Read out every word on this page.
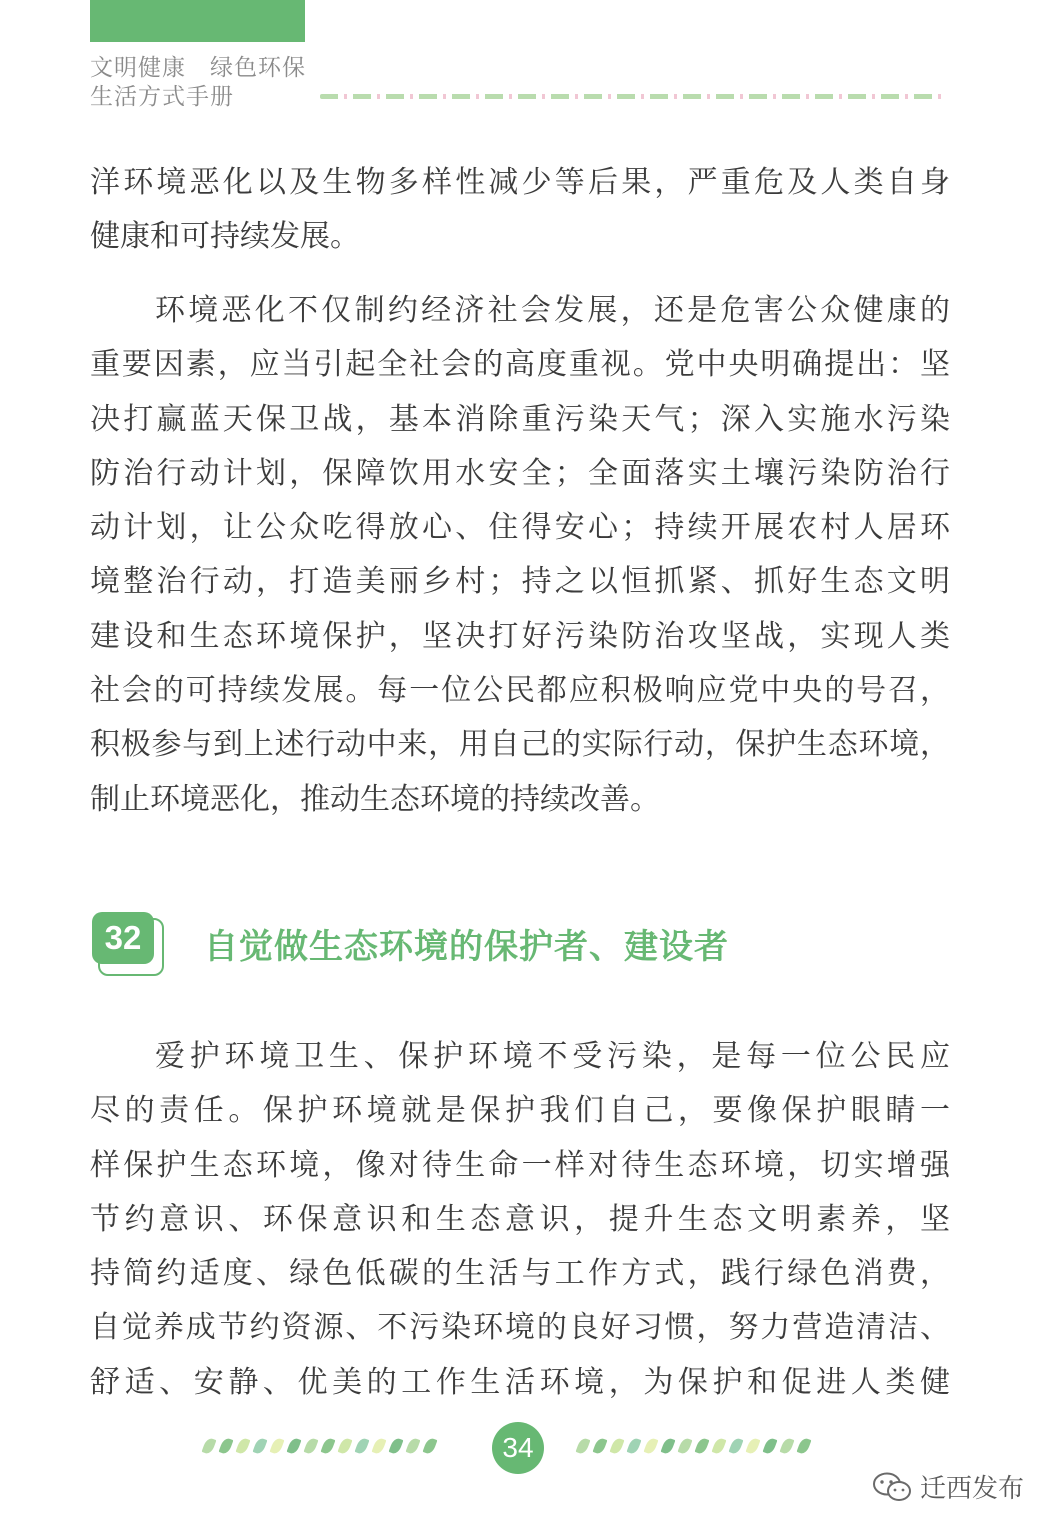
文明健康　绿色环保
生活方式手册
洋环境恶化以及生物多样性减少等后果，严重危及人类自身
健康和可持续发展。
环境恶化不仅制约经济社会发展，还是危害公众健康的
重要因素，应当引起全社会的高度重视。党中央明确提出：坚
决打赢蓝天保卫战，基本消除重污染天气；深入实施水污染
防治行动计划，保障饮用水安全；全面落实土壤污染防治行
动计划，让公众吃得放心、住得安心；持续开展农村人居环
境整治行动，打造美丽乡村；持之以恒抓紧、抓好生态文明
建设和生态环境保护，坚决打好污染防治攻坚战，实现人类
社会的可持续发展。每一位公民都应积极响应党中央的号召，
积极参与到上述行动中来，用自己的实际行动，保护生态环境，
制止环境恶化，推动生态环境的持续改善。
32	自觉做生态环境的保护者、建设者
爱护环境卫生、保护环境不受污染，是每一位公民应
尽的责任。保护环境就是保护我们自己，要像保护眼睛一
样保护生态环境，像对待生命一样对待生态环境，切实增强
节约意识、环保意识和生态意识，提升生态文明素养，坚
持简约适度、绿色低碳的生活与工作方式，践行绿色消费，
自觉养成节约资源、不污染环境的良好习惯，努力营造清洁、
舒适、安静、优美的工作生活环境，为保护和促进人类健
34
迁西发布
